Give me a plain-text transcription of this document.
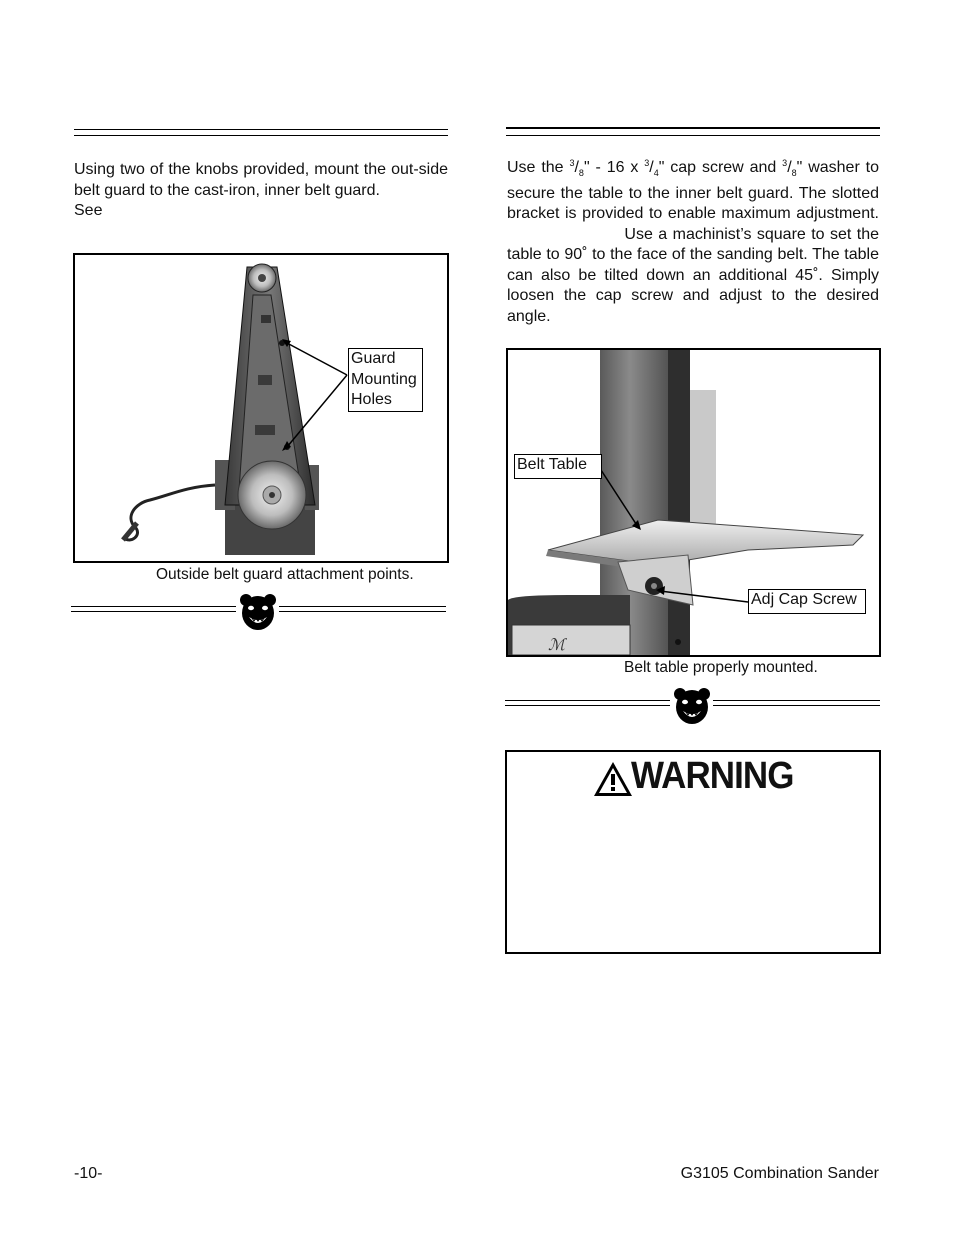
Using two of the knobs provided, mount the out-side belt guard to the cast-iron, inner belt guard.
See
Guard
Mounting
Holes
Outside belt guard attachment points.
Use the $^3/_8$" - 16 x $^3/_4$" cap screw and $^3/_8$" washer to secure the table to the inner belt guard. The slotted bracket is provided to enable maximum adjustment.  Use a machinist’s square to set the table to 90˚ to the face of the sanding belt. The table can also be tilted down an additional 45˚. Simply loosen the cap screw and adjust to the desired angle.
ℳ
Belt Table
Adj Cap Screw
Belt table properly mounted.
WARNING
-10-	G3105 Combination Sander
